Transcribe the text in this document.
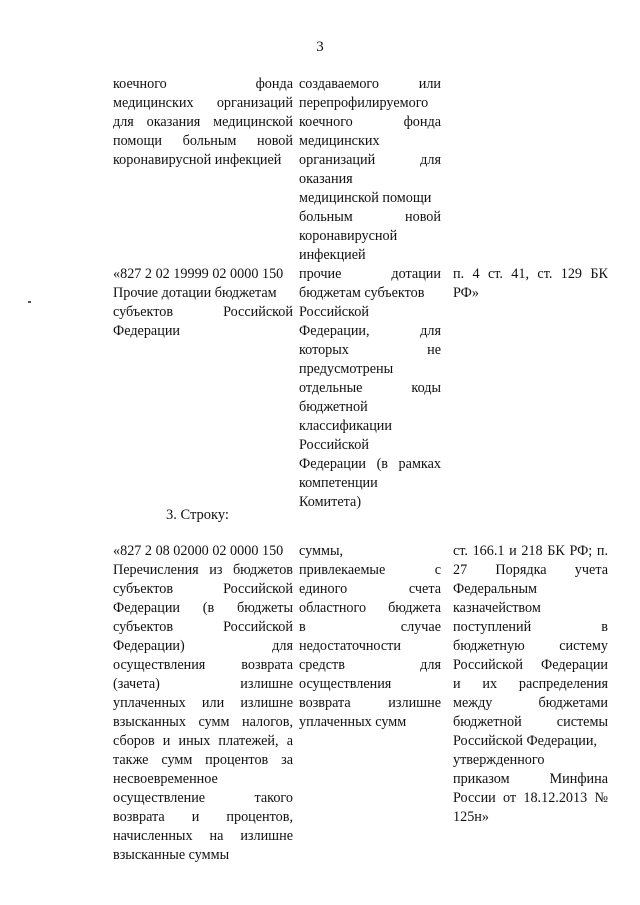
3
коечного фонда
медицинских организаций
для оказания медицинской
помощи больным новой
коронавирусной инфекцией
создаваемого или
перепрофилируемого
коечного фонда
медицинских
организаций для
оказания
медицинской помощи
больным новой
коронавирусной
инфекцией
«827 2 02 19999 02 0000 150
Прочие дотации бюджетам
субъектов Российской
Федерации
прочие дотации
бюджетам субъектов
Российской
Федерации, для
которых не
предусмотрены
отдельные коды
бюджетной
классификации
Российской
Федерации (в рамках
компетенции
Комитета)
п. 4 ст. 41, ст. 129 БК
РФ»
3. Строку:
«827 2 08 02000 02 0000 150
Перечисления из бюджетов
субъектов Российской
Федерации (в бюджеты
субъектов Российской
Федерации) для
осуществления возврата
(зачета) излишне
уплаченных или излишне
взысканных сумм налогов,
сборов и иных платежей, а
также сумм процентов за
несвоевременное
осуществление такого
возврата и процентов,
начисленных на излишне
взысканные суммы
суммы,
привлекаемые с
единого счета
областного бюджета
в случае
недостаточности
средств для
осуществления
возврата излишне
уплаченных сумм
ст. 166.1 и 218 БК РФ; п.
27 Порядка учета
Федеральным
казначейством
поступлений в
бюджетную систему
Российской Федерации
и их распределения
между бюджетами
бюджетной системы
Российской Федерации,
утвержденного
приказом Минфина
России от 18.12.2013 №
125н»
